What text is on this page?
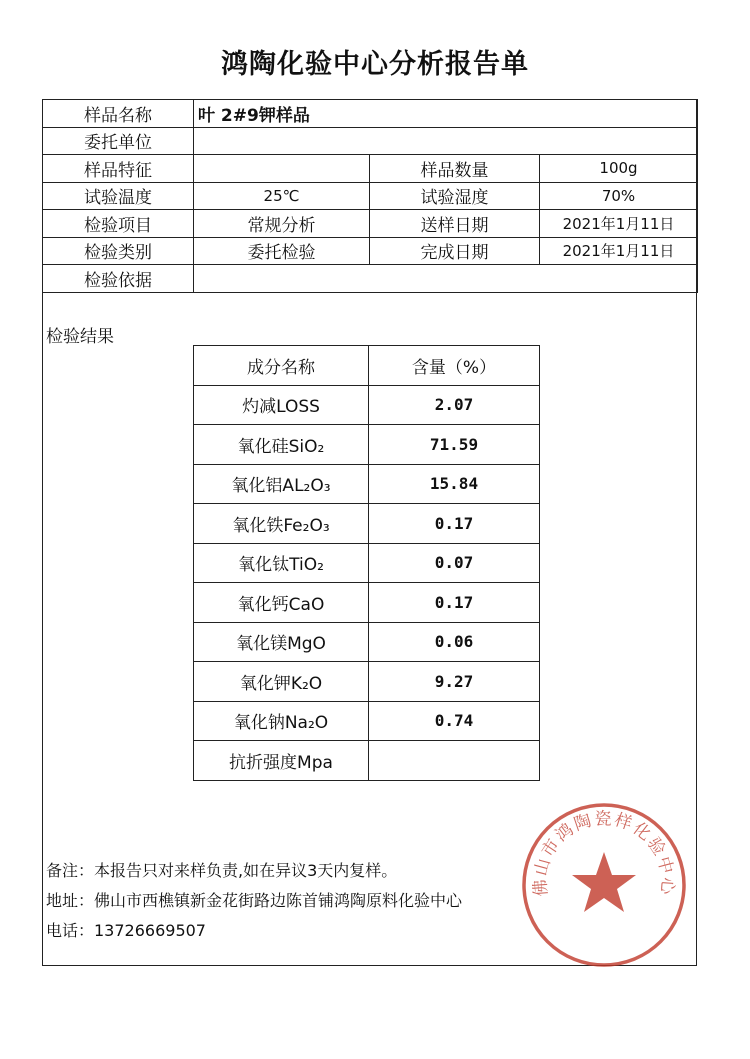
鸿陶化验中心分析报告单
样品名称	叶 2#9钾样品		
委托单位			
样品特征		样品数量	100g
试验温度	25℃	试验湿度	70%
检验项目	常规分析	送样日期	2021年1月11日
检验类别	委托检验	完成日期	2021年1月11日
检验依据			
检验结果
成分名称	含量（%）
灼减LOSS	2.07
氧化硅SiO₂	71.59
氧化铝AL₂O₃	15.84
氧化铁Fe₂O₃	0.17
氧化钛TiO₂	0.07
氧化钙CaO	0.17
氧化镁MgO	0.06
氧化钾K₂O	9.27
氧化钠Na₂O	0.74
抗折强度Mpa	
备注：本报告只对来样负责,如在异议3天内复样。
地址：佛山市西樵镇新金花街路边陈首铺鸿陶原料化验中心
电话：13726669507
佛山市鸿陶瓷样化验中心
